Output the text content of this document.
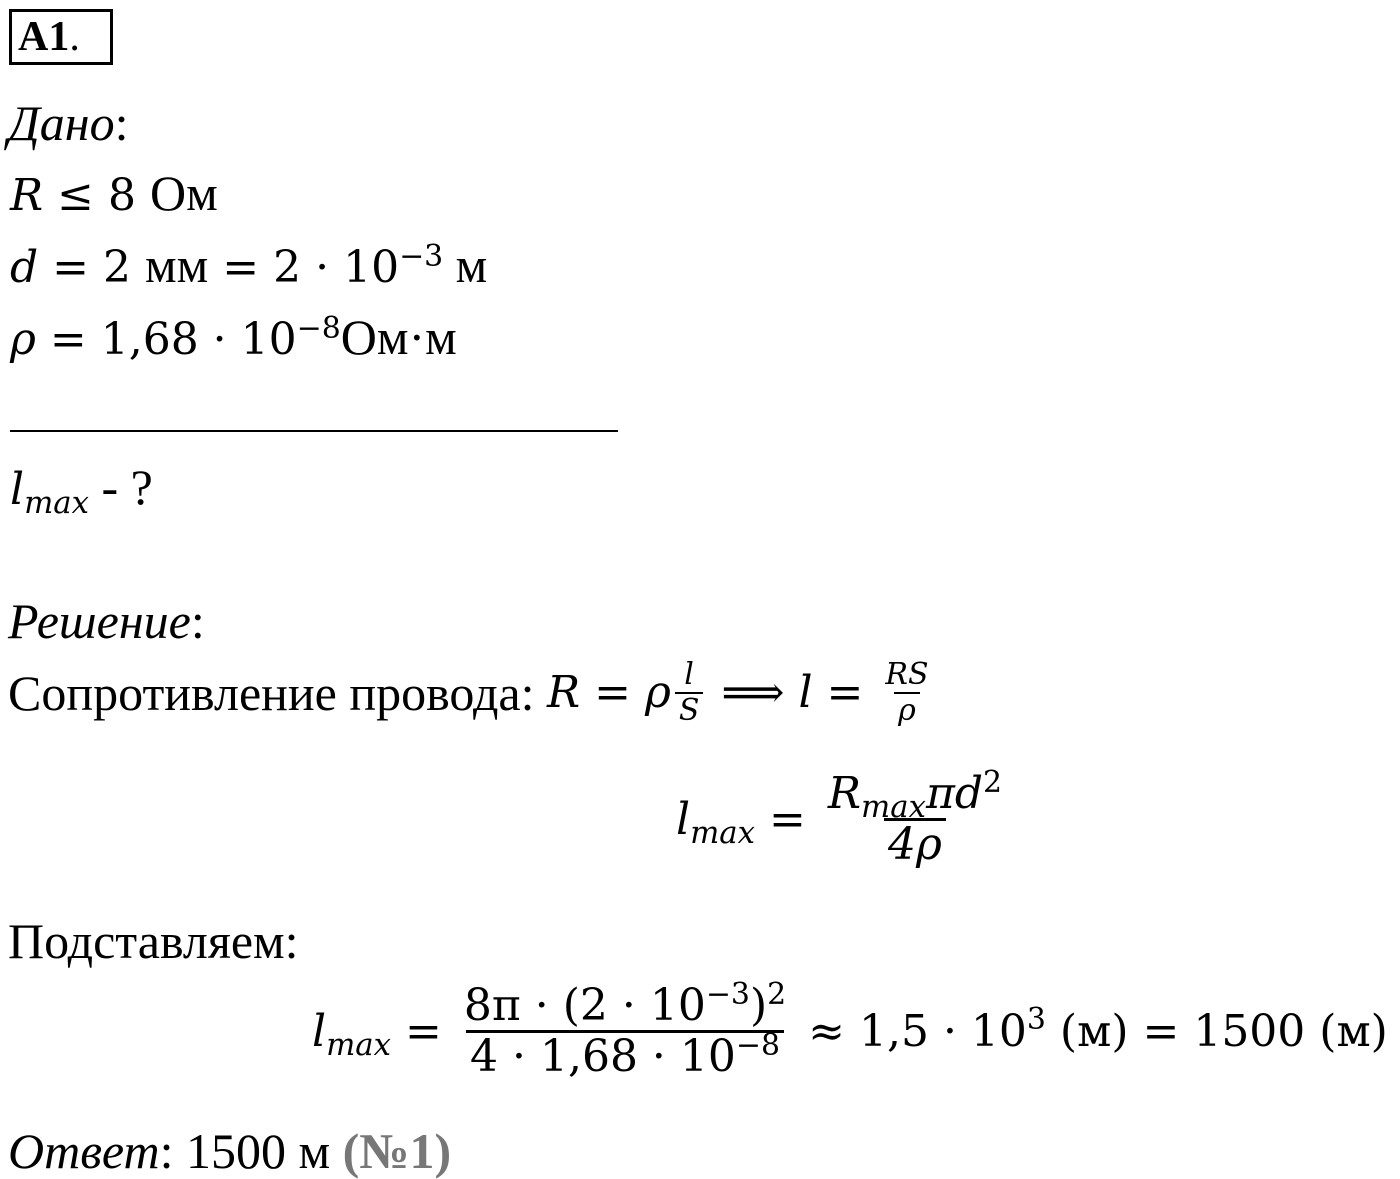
А1.
Дано:
R ≤ 8 Ом
d = 2 мм = $2 \cdot 10^{-3}$ м
$\rho = 1,68 \cdot 10^{-8}Ом\cdot м$
$l_{max}$ - ?
Решение:
Сопротивление провода: R = ρ $\frac{l}{S}$ ⟹ $l = \frac{RS}{\rho}$
$l_{max} = \frac{R_{max}\pi d^2}{4\rho}$
Подставляем:
$l_{max} = \frac{8\pi \cdot (2 \cdot 10^{-3})^2}{4 \cdot 1,68 \cdot 10^{-8}} \approx 1,5 \cdot 10^3$ (м) = 1500 (м)
Ответ: 1500 м (№1)
